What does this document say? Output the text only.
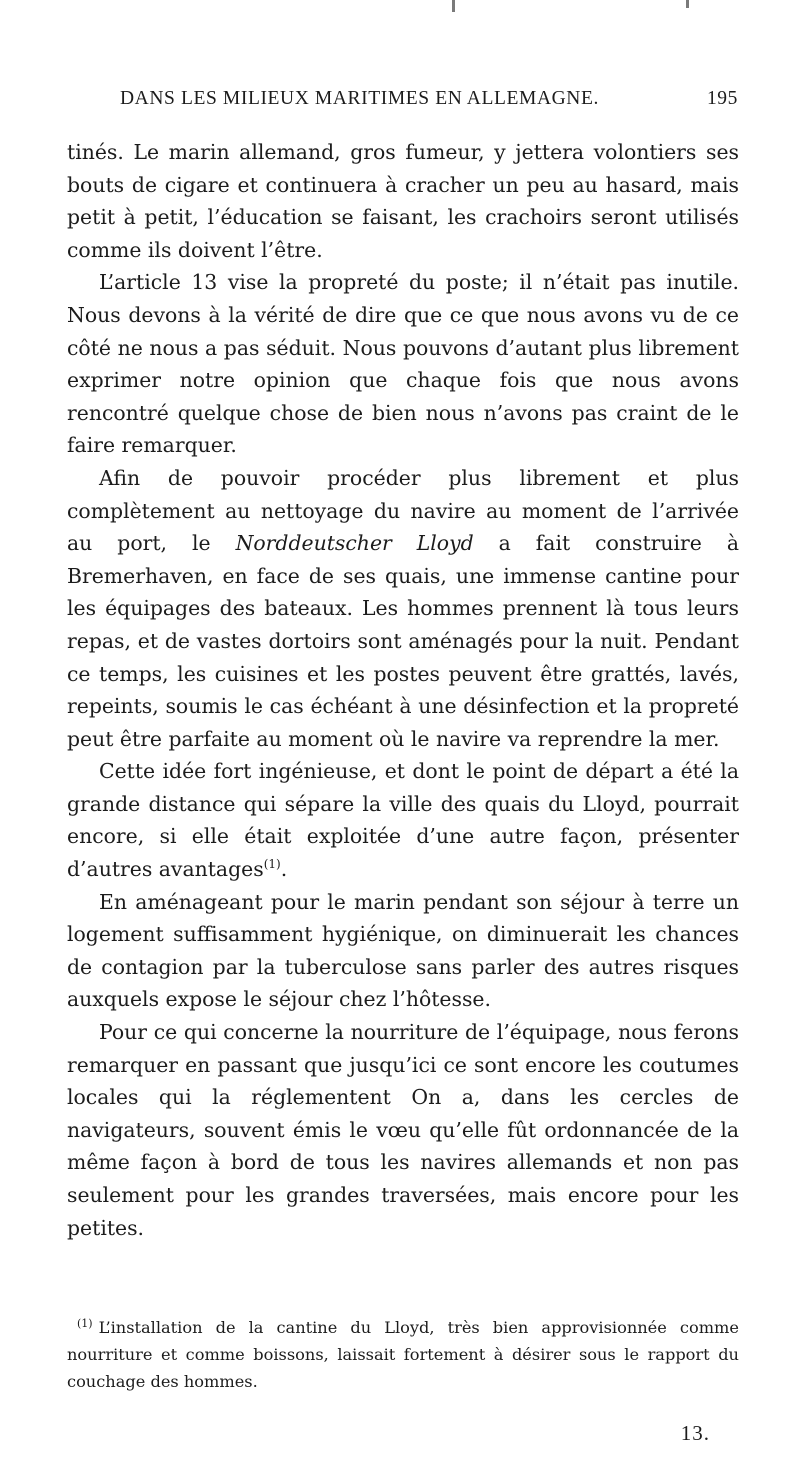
DANS LES MILIEUX MARITIMES EN ALLEMAGNE.	195

tinés. Le marin allemand, gros fumeur, y jettera volontiers ses bouts de cigare et continuera à cracher un peu au hasard, mais petit à petit, l’éducation se faisant, les crachoirs seront utilisés comme ils doivent l’être.

L’article 13 vise la propreté du poste; il n’était pas inutile. Nous devons à la vérité de dire que ce que nous avons vu de ce côté ne nous a pas séduit. Nous pouvons d’autant plus librement exprimer notre opinion que chaque fois que nous avons rencontré quelque chose de bien nous n’avons pas craint de le faire remarquer.

Afin de pouvoir procéder plus librement et plus complètement au nettoyage du navire au moment de l’arrivée au port, le Norddeutscher Lloyd a fait construire à Bremerhaven, en face de ses quais, une immense cantine pour les équipages des bateaux. Les hommes prennent là tous leurs repas, et de vastes dortoirs sont aménagés pour la nuit. Pendant ce temps, les cuisines et les postes peuvent être grattés, lavés, repeints, soumis le cas échéant à une désinfection et la propreté peut être parfaite au moment où le navire va reprendre la mer.

Cette idée fort ingénieuse, et dont le point de départ a été la grande distance qui sépare la ville des quais du Lloyd, pourrait encore, si elle était exploitée d’une autre façon, présenter d’autres avantages$^{(1)}$.

En aménageant pour le marin pendant son séjour à terre un logement suffisamment hygiénique, on diminuerait les chances de contagion par la tuberculose sans parler des autres risques auxquels expose le séjour chez l’hôtesse.

Pour ce qui concerne la nourriture de l’équipage, nous ferons remarquer en passant que jusqu’ici ce sont encore les coutumes locales qui la réglementent On a, dans les cercles de navigateurs, souvent émis le vœu qu’elle fût ordonnancée de la même façon à bord de tous les navires allemands et non pas seulement pour les grandes traversées, mais encore pour les petites.

$^{(1)}$ L’installation de la cantine du Lloyd, très bien approvisionnée comme nourriture et comme boissons, laissait fortement à désirer sous le rapport du couchage des hommes.

13.
